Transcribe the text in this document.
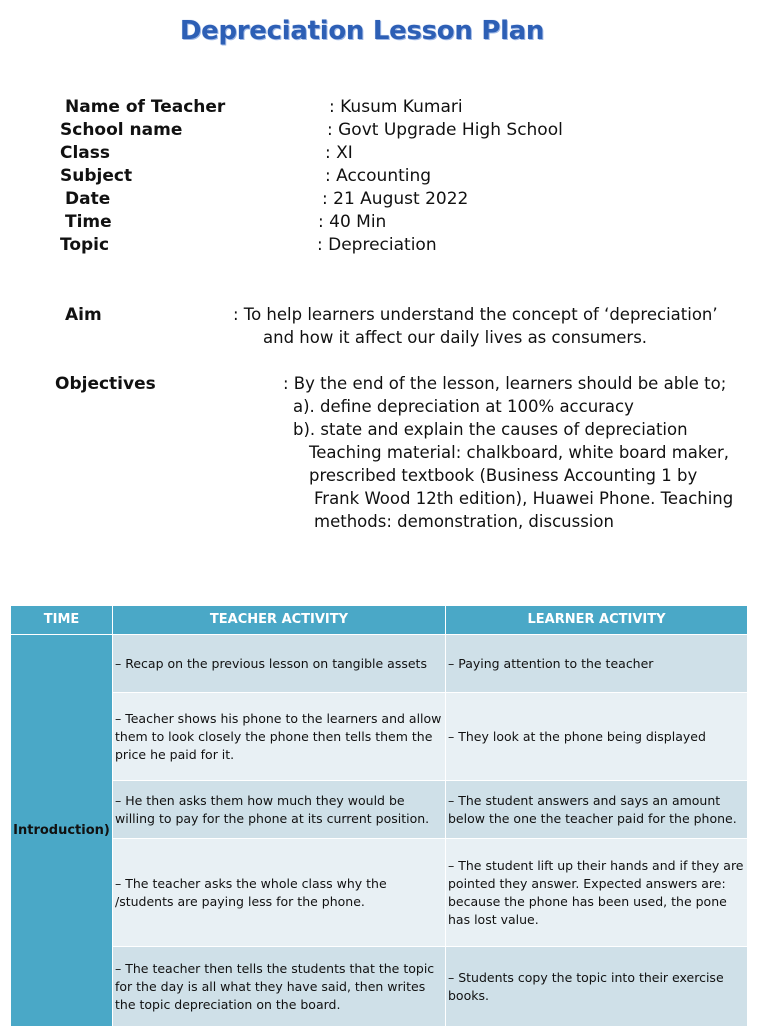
Depreciation Lesson Plan
Name of Teacher	: Kusum Kumari
School name	: Govt Upgrade High School
Class	: XI
Subject	: Accounting
Date	: 21 August 2022
Time	: 40 Min
Topic	: Depreciation
Aim	: To help learners understand the concept of ‘depreciation’
and how it affect our daily lives as consumers.
Objectives	: By the end of the lesson, learners should be able to;
a). define depreciation at 100% accuracy
b). state and explain the causes of depreciation
Teaching material: chalkboard, white board maker,
prescribed textbook (Business Accounting 1 by
Frank Wood 12th edition), Huawei Phone. Teaching
methods: demonstration, discussion
TIME	TEACHER ACTIVITY	LEARNER ACTIVITY
Introduction)	– Recap on the previous lesson on tangible assets	– Paying attention to the teacher
	– Teacher shows his phone to the learners and allow them to look closely the phone then tells them the price he paid for it.	– They look at the phone being displayed
	– He then asks them how much they would be willing to pay for the phone at its current position.	– The student answers and says an amount below the one the teacher paid for the phone.
	– The teacher asks the whole class why the /students are paying less for the phone.	– The student lift up their hands and if they are pointed they answer. Expected answers are: because the phone has been used, the pone has lost value.
	– The teacher then tells the students that the topic for the day is all what they have said, then writes the topic depreciation on the board.	– Students copy the topic into their exercise books.
